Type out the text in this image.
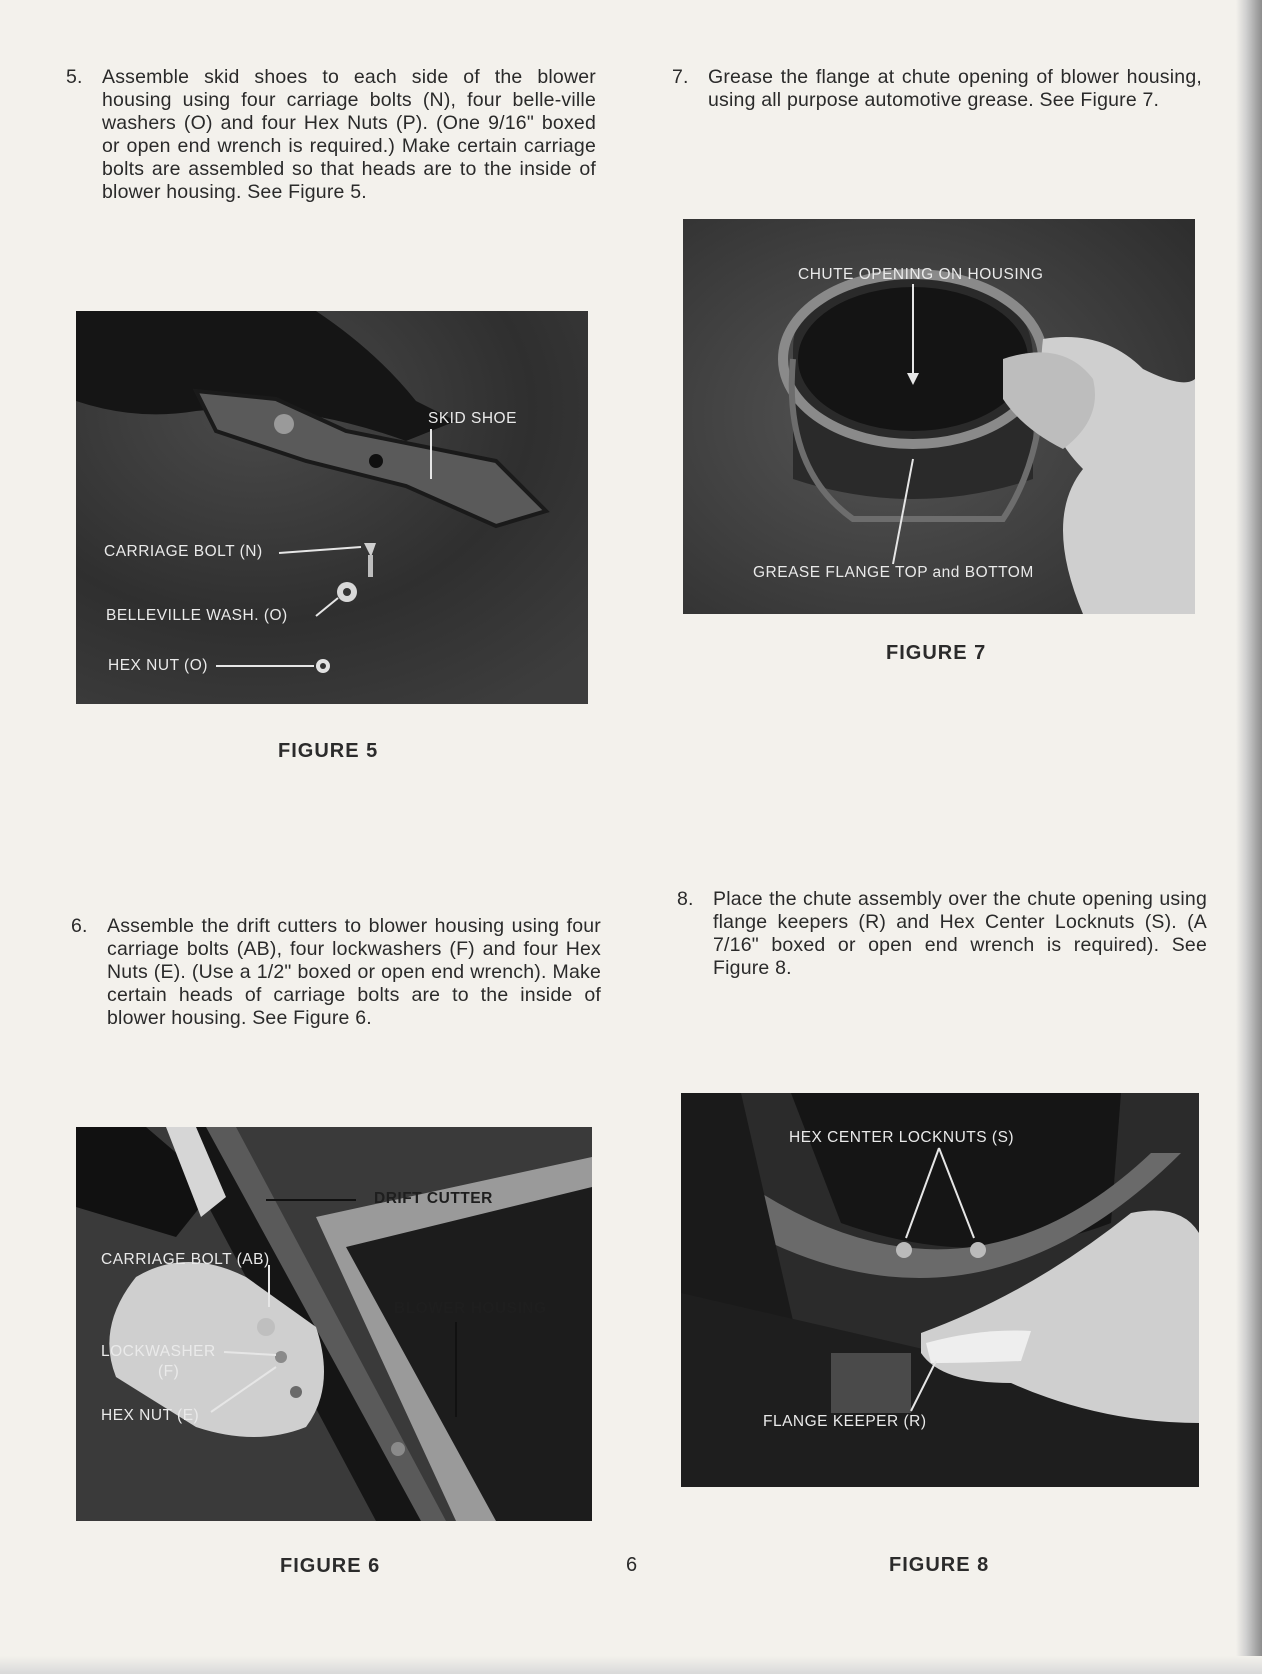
5. Assemble skid shoes to each side of the blower housing using four carriage bolts (N), four belle-ville washers (O) and four Hex Nuts (P). (One 9/16" boxed or open end wrench is required.) Make certain carriage bolts are assembled so that heads are to the inside of blower housing. See Figure 5.
7. Grease the flange at chute opening of blower housing, using all purpose automotive grease. See Figure 7.
SKID SHOE
CARRIAGE BOLT (N)
BELLEVILLE WASH. (O)
HEX NUT (O)
FIGURE 5
CHUTE OPENING ON HOUSING
GREASE FLANGE TOP and BOTTOM
FIGURE 7
6. Assemble the drift cutters to blower housing using four carriage bolts (AB), four lockwashers (F) and four Hex Nuts (E). (Use a 1/2" boxed or open end wrench). Make certain heads of carriage bolts are to the inside of blower housing. See Figure 6.
8. Place the chute assembly over the chute opening using flange keepers (R) and Hex Center Locknuts (S). (A 7/16" boxed or open end wrench is required). See Figure 8.
DRIFT CUTTER
CARRIAGE BOLT (AB)
BLOWER HOUSING
LOCKWASHER
(F)
HEX NUT (E)
FIGURE 6
HEX CENTER LOCKNUTS (S)
FLANGE KEEPER (R)
FIGURE 8
6
